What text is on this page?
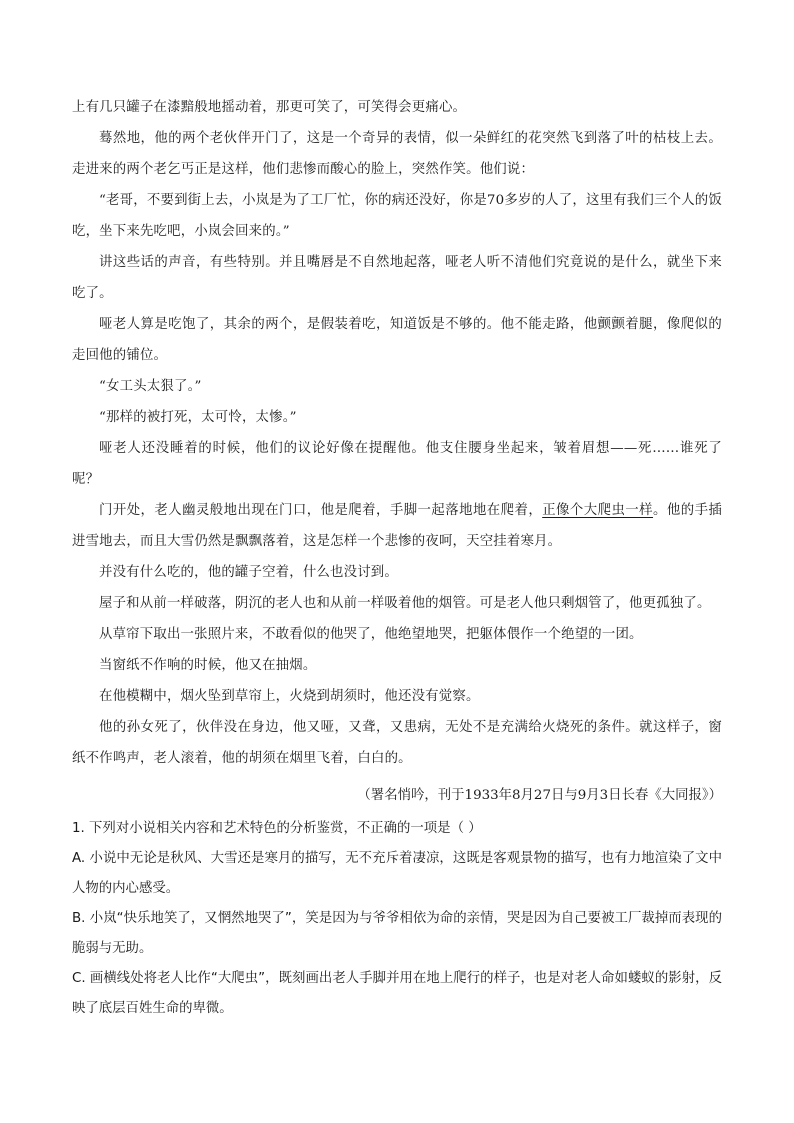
上有几只罐子在漆黯般地摇动着，那更可笑了，可笑得会更痛心。

蓦然地，他的两个老伙伴开门了，这是一个奇异的表情，似一朵鲜红的花突然飞到落了叶的枯枝上去。走进来的两个老乞丐正是这样，他们悲惨而酸心的脸上，突然作笑。他们说：

“老哥，不要到街上去，小岚是为了工厂忙，你的病还没好，你是70多岁的人了，这里有我们三个人的饭吃，坐下来先吃吧，小岚会回来的。”

讲这些话的声音，有些特别。并且嘴唇是不自然地起落，哑老人听不清他们究竟说的是什么，就坐下来吃了。

哑老人算是吃饱了，其余的两个，是假装着吃，知道饭是不够的。他不能走路，他颤颤着腿，像爬似的走回他的铺位。

“女工头太狠了。”

“那样的被打死，太可怜，太惨。”

哑老人还没睡着的时候，他们的议论好像在提醒他。他支住腰身坐起来，皱着眉想——死……谁死了呢？

门开处，老人幽灵般地出现在门口，他是爬着，手脚一起落地地在爬着，正像个大爬虫一样。他的手插进雪地去，而且大雪仍然是飘飘落着，这是怎样一个悲惨的夜呵，天空挂着寒月。

并没有什么吃的，他的罐子空着，什么也没讨到。

屋子和从前一样破落，阴沉的老人也和从前一样吸着他的烟管。可是老人他只剩烟管了，他更孤独了。

从草帘下取出一张照片来，不敢看似的他哭了，他绝望地哭，把躯体偎作一个绝望的一团。

当窗纸不作响的时候，他又在抽烟。

在他模糊中，烟火坠到草帘上，火烧到胡须时，他还没有觉察。

他的孙女死了，伙伴没在身边，他又哑，又聋，又患病，无处不是充满给火烧死的条件。就这样子，窗纸不作鸣声，老人滚着，他的胡须在烟里飞着，白白的。

（署名悄吟，刊于1933年8月27日与9月3日长春《大同报》）

1. 下列对小说相关内容和艺术特色的分析鉴赏，不正确的一项是（ ）

A. 小说中无论是秋风、大雪还是寒月的描写，无不充斥着凄凉，这既是客观景物的描写，也有力地渲染了文中人物的内心感受。

B. 小岚“快乐地笑了，又惘然地哭了”，笑是因为与爷爷相依为命的亲情，哭是因为自己要被工厂裁掉而表现的脆弱与无助。

C. 画横线处将老人比作“大爬虫”，既刻画出老人手脚并用在地上爬行的样子，也是对老人命如蝼蚁的影射，反映了底层百姓生命的卑微。
